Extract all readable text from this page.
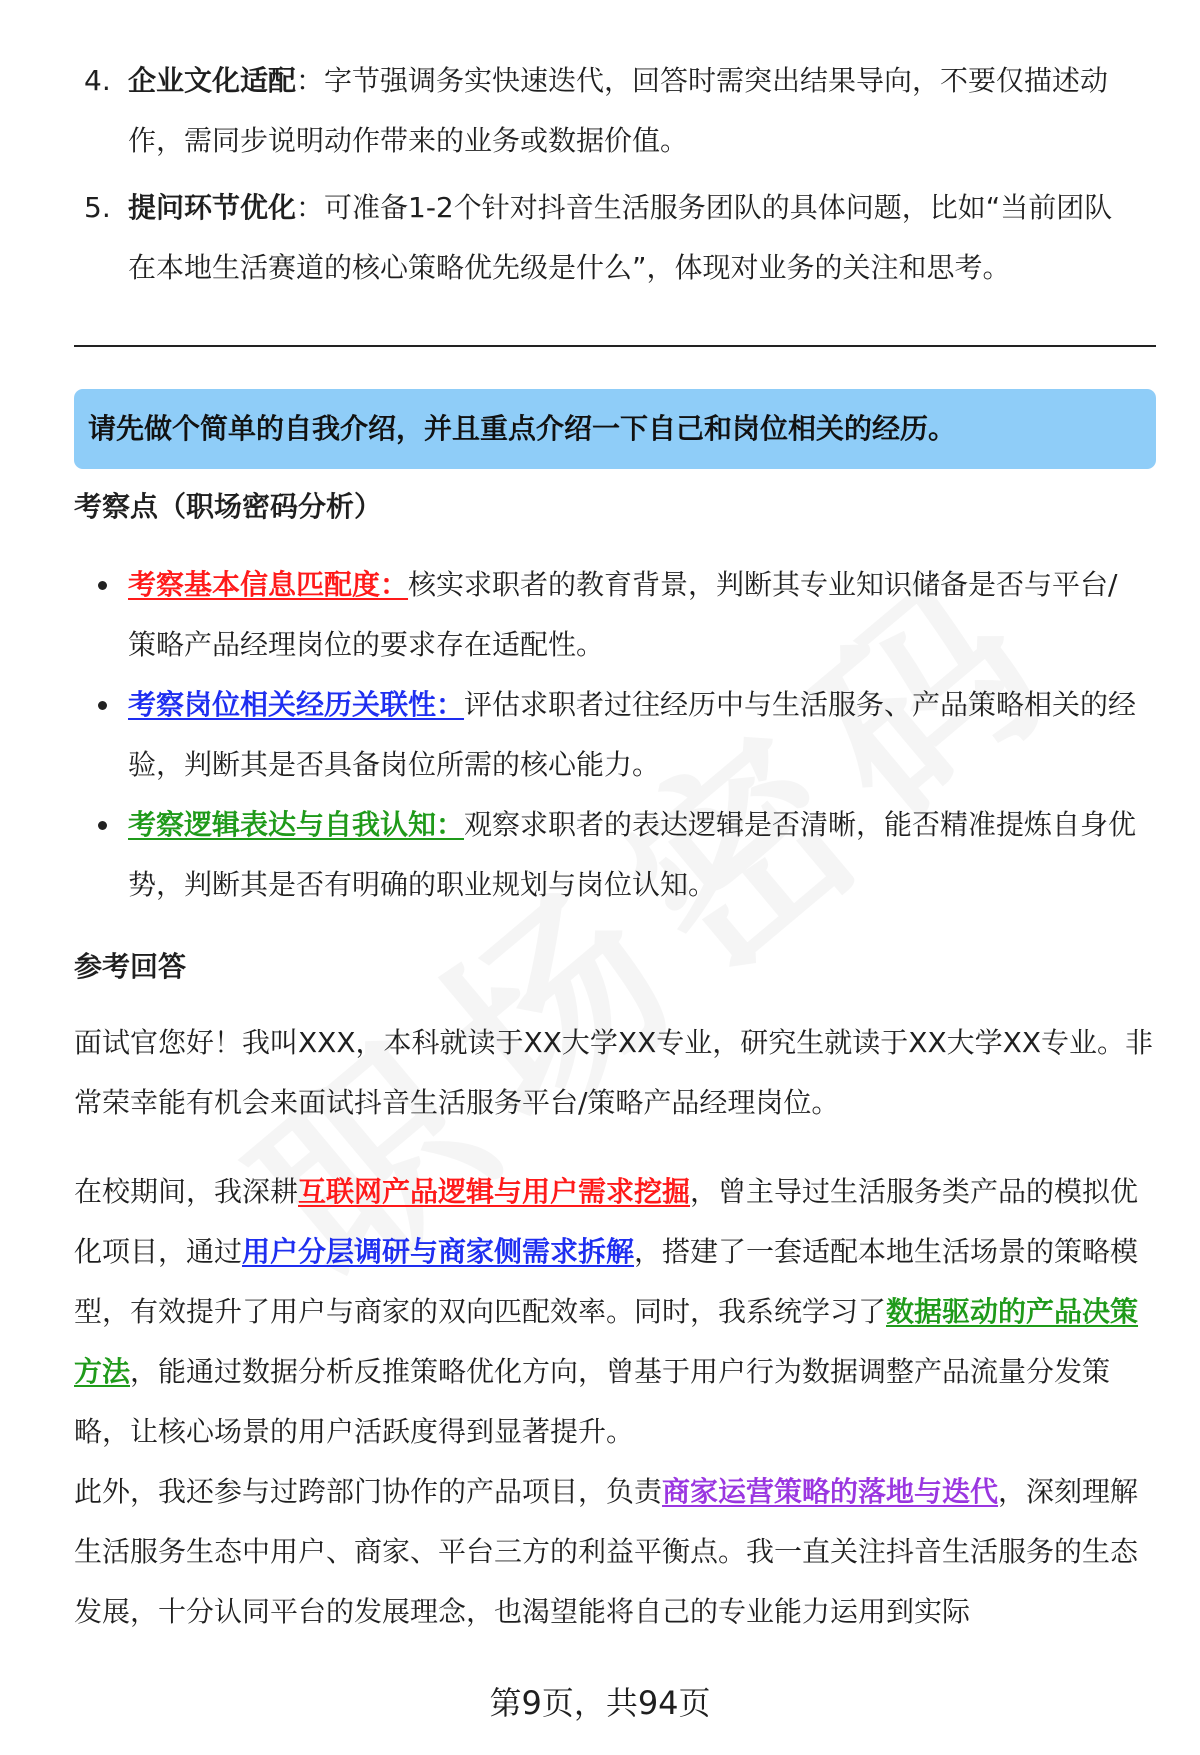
4. 企业文化适配：字节强调务实快速迭代，回答时需突出结果导向，不要仅描述动作，需同步说明动作带来的业务或数据价值。
5. 提问环节优化：可准备1-2个针对抖音生活服务团队的具体问题，比如“当前团队在本地生活赛道的核心策略优先级是什么”，体现对业务的关注和思考。
请先做个简单的自我介绍，并且重点介绍一下自己和岗位相关的经历。
考察点（职场密码分析）
考察基本信息匹配度：核实求职者的教育背景，判断其专业知识储备是否与平台/策略产品经理岗位的要求存在适配性。
考察岗位相关经历关联性：评估求职者过往经历中与生活服务、产品策略相关的经验，判断其是否具备岗位所需的核心能力。
考察逻辑表达与自我认知：观察求职者的表达逻辑是否清晰，能否精准提炼自身优势，判断其是否有明确的职业规划与岗位认知。
参考回答
面试官您好！我叫XXX，本科就读于XX大学XX专业，研究生就读于XX大学XX专业。非常荣幸能有机会来面试抖音生活服务平台/策略产品经理岗位。
在校期间，我深耕互联网产品逻辑与用户需求挖掘，曾主导过生活服务类产品的模拟优化项目，通过用户分层调研与商家侧需求拆解，搭建了一套适配本地生活场景的策略模型，有效提升了用户与商家的双向匹配效率。同时，我系统学习了数据驱动的产品决策方法，能通过数据分析反推策略优化方向，曾基于用户行为数据调整产品流量分发策略，让核心场景的用户活跃度得到显著提升。
此外，我还参与过跨部门协作的产品项目，负责商家运营策略的落地与迭代，深刻理解生活服务生态中用户、商家、平台三方的利益平衡点。我一直关注抖音生活服务的生态发展，十分认同平台的发展理念，也渴望能将自己的专业能力运用到实际
第9页，共94页
